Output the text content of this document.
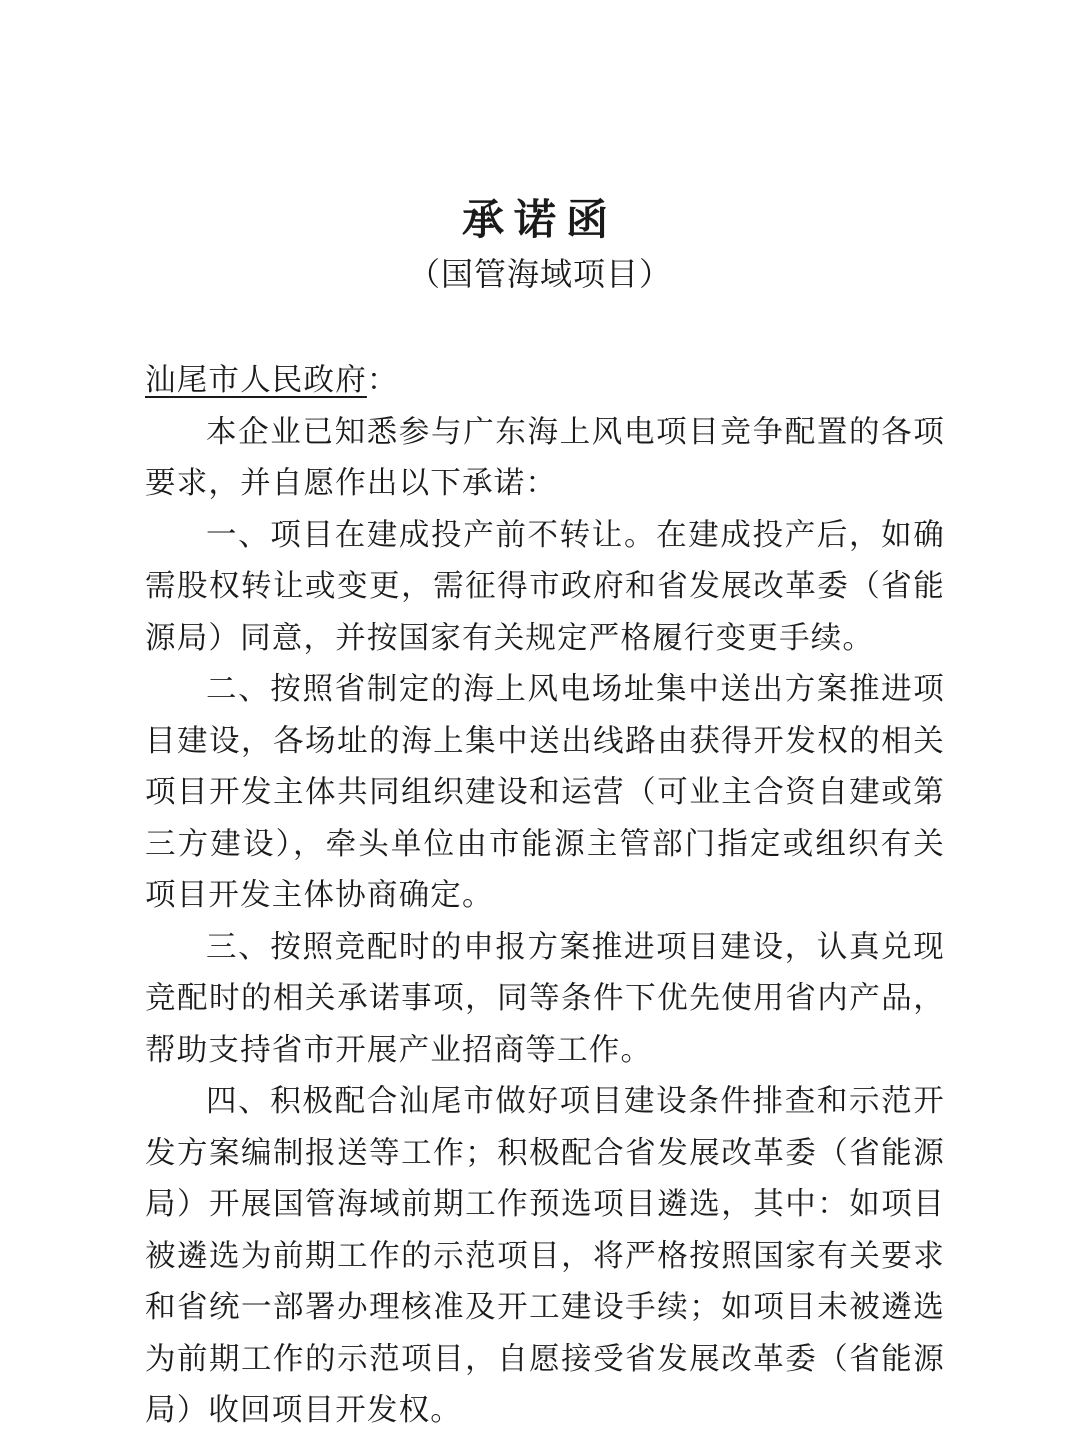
承诺函
（国管海域项目）

汕尾市人民政府：

本企业已知悉参与广东海上风电项目竞争配置的各项要求，并自愿作出以下承诺：

一、项目在建成投产前不转让。在建成投产后，如确需股权转让或变更，需征得市政府和省发展改革委（省能源局）同意，并按国家有关规定严格履行变更手续。

二、按照省制定的海上风电场址集中送出方案推进项目建设，各场址的海上集中送出线路由获得开发权的相关项目开发主体共同组织建设和运营（可业主合资自建或第三方建设），牵头单位由市能源主管部门指定或组织有关项目开发主体协商确定。

三、按照竞配时的申报方案推进项目建设，认真兑现竞配时的相关承诺事项，同等条件下优先使用省内产品，帮助支持省市开展产业招商等工作。

四、积极配合汕尾市做好项目建设条件排查和示范开发方案编制报送等工作；积极配合省发展改革委（省能源局）开展国管海域前期工作预选项目遴选，其中：如项目被遴选为前期工作的示范项目，将严格按照国家有关要求和省统一部署办理核准及开工建设手续；如项目未被遴选为前期工作的示范项目，自愿接受省发展改革委（省能源局）收回项目开发权。
